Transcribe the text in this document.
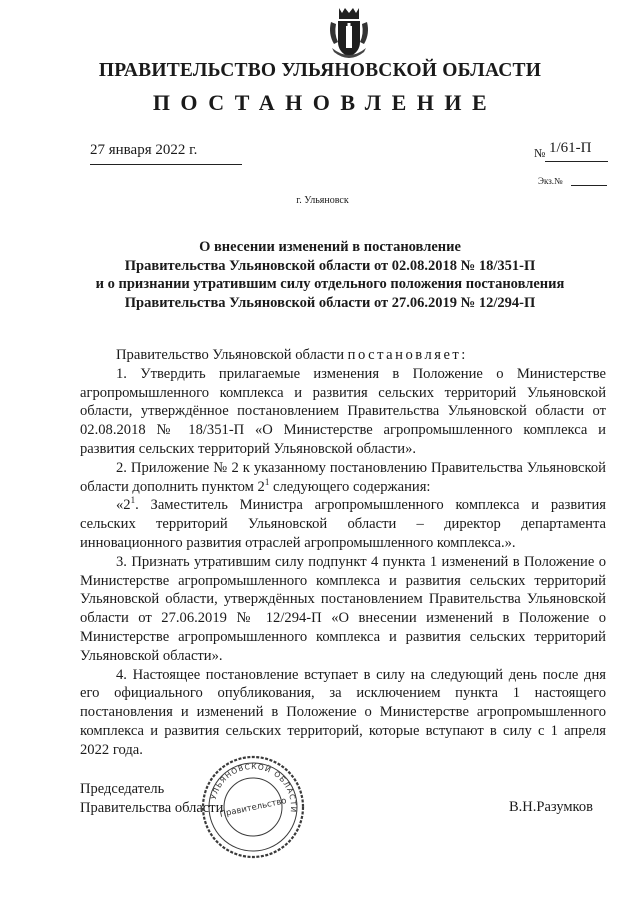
ПРАВИТЕЛЬСТВО УЛЬЯНОВСКОЙ ОБЛАСТИ
ПОСТАНОВЛЕНИЕ
27 января 2022 г.	№ 1/61-П
Экз.№
г. Ульяновск
О внесении изменений в постановление
Правительства Ульяновской области от 02.08.2018 № 18/351-П
и о признании утратившим силу отдельного положения постановления
Правительства Ульяновской области от 27.06.2019 № 12/294-П

Правительство Ульяновской области постановляет:

1. Утвердить прилагаемые изменения в Положение о Министерстве агропромышленного комплекса и развития сельских территорий Ульяновской области, утверждённое постановлением Правительства Ульяновской области от 02.08.2018 № 18/351-П «О Министерстве агропромышленного комплекса и развития сельских территорий Ульяновской области».

2. Приложение № 2 к указанному постановлению Правительства Ульяновской области дополнить пунктом $2^1$ следующего содержания:

«$2^1$. Заместитель Министра агропромышленного комплекса и развития сельских территорий Ульяновской области – директор департамента инновационного развития отраслей агропромышленного комплекса.».

3. Признать утратившим силу подпункт 4 пункта 1 изменений в Положение о Министерстве агропромышленного комплекса и развития сельских территорий Ульяновской области, утверждённых постановлением Правительства Ульяновской области от 27.06.2019 № 12/294-П «О внесении изменений в Положение о Министерстве агропромышленного комплекса и развития сельских территорий Ульяновской области».

4. Настоящее постановление вступает в силу на следующий день после дня его официального опубликования, за исключением пункта 1 настоящего постановления и изменений в Положение о Министерстве агропромышленного комплекса и развития сельских территорий, которые вступают в силу с 1 апреля 2022 года.

Председатель
Правительства области	В.Н.Разумков
УЛЬЯНОВСКОЙ ОБЛАСТИ
Правительство
